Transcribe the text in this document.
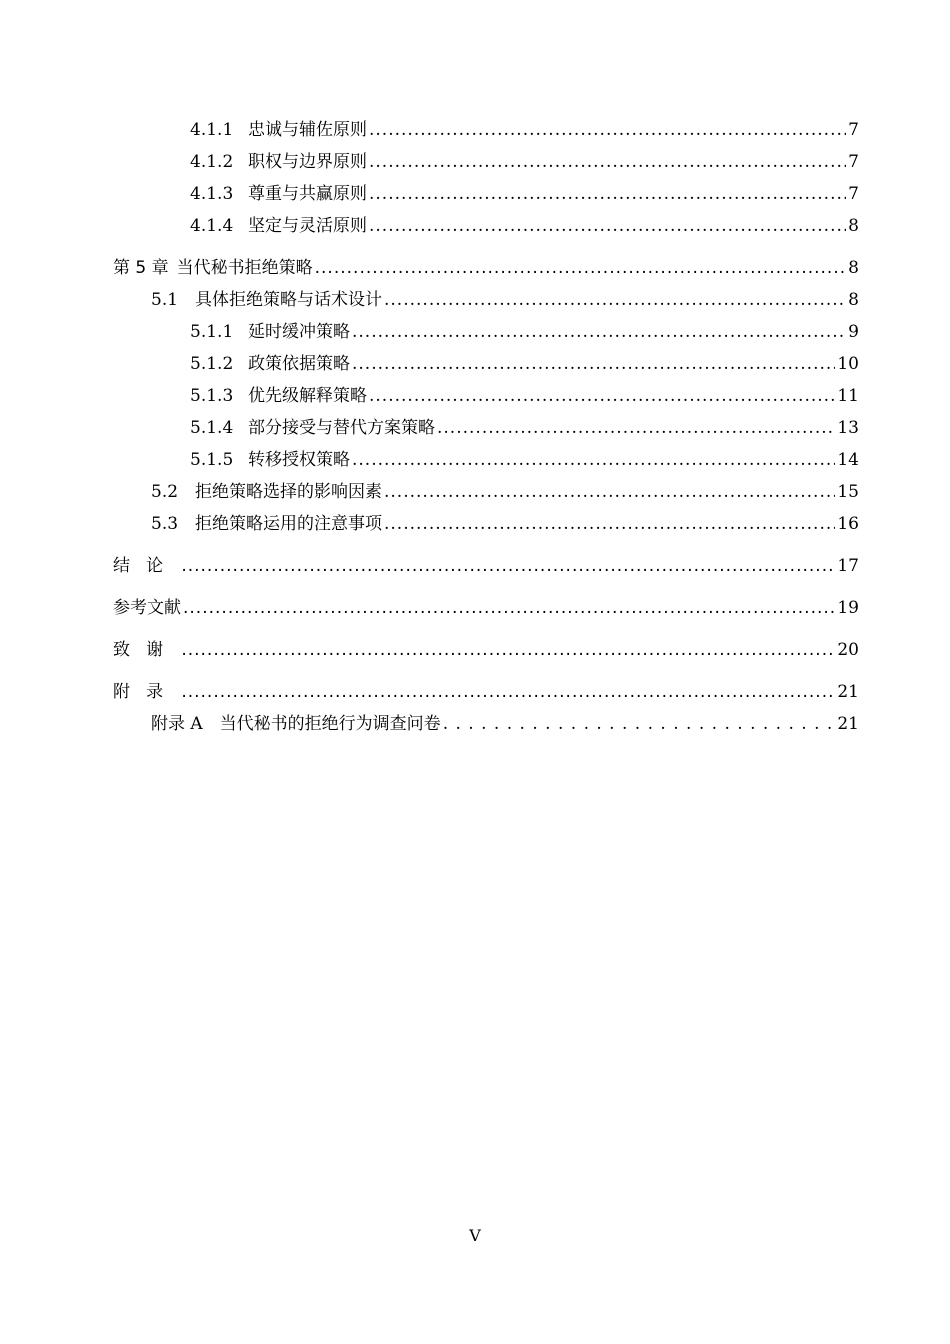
4.1.1 忠诚与辅佐原则 .....	7
4.1.2 职权与边界原则 .....	7
4.1.3 尊重与共赢原则 .....	7
4.1.4 坚定与灵活原则 .....	8
第 5 章 当代秘书拒绝策略 .....	8
5.1 具体拒绝策略与话术设计 .....	8
5.1.1 延时缓冲策略 .....	9
5.1.2 政策依据策略 .....	10
5.1.3 优先级解释策略 .....	11
5.1.4 部分接受与替代方案策略 .....	13
5.1.5 转移授权策略 .....	14
5.2 拒绝策略选择的影响因素 .....	15
5.3 拒绝策略运用的注意事项 .....	16
结论 .....	17
参考文献 .....	19
致谢 .....	20
附录 .....	21
附录 A　当代秘书的拒绝行为调查问卷 . . .	21
V
